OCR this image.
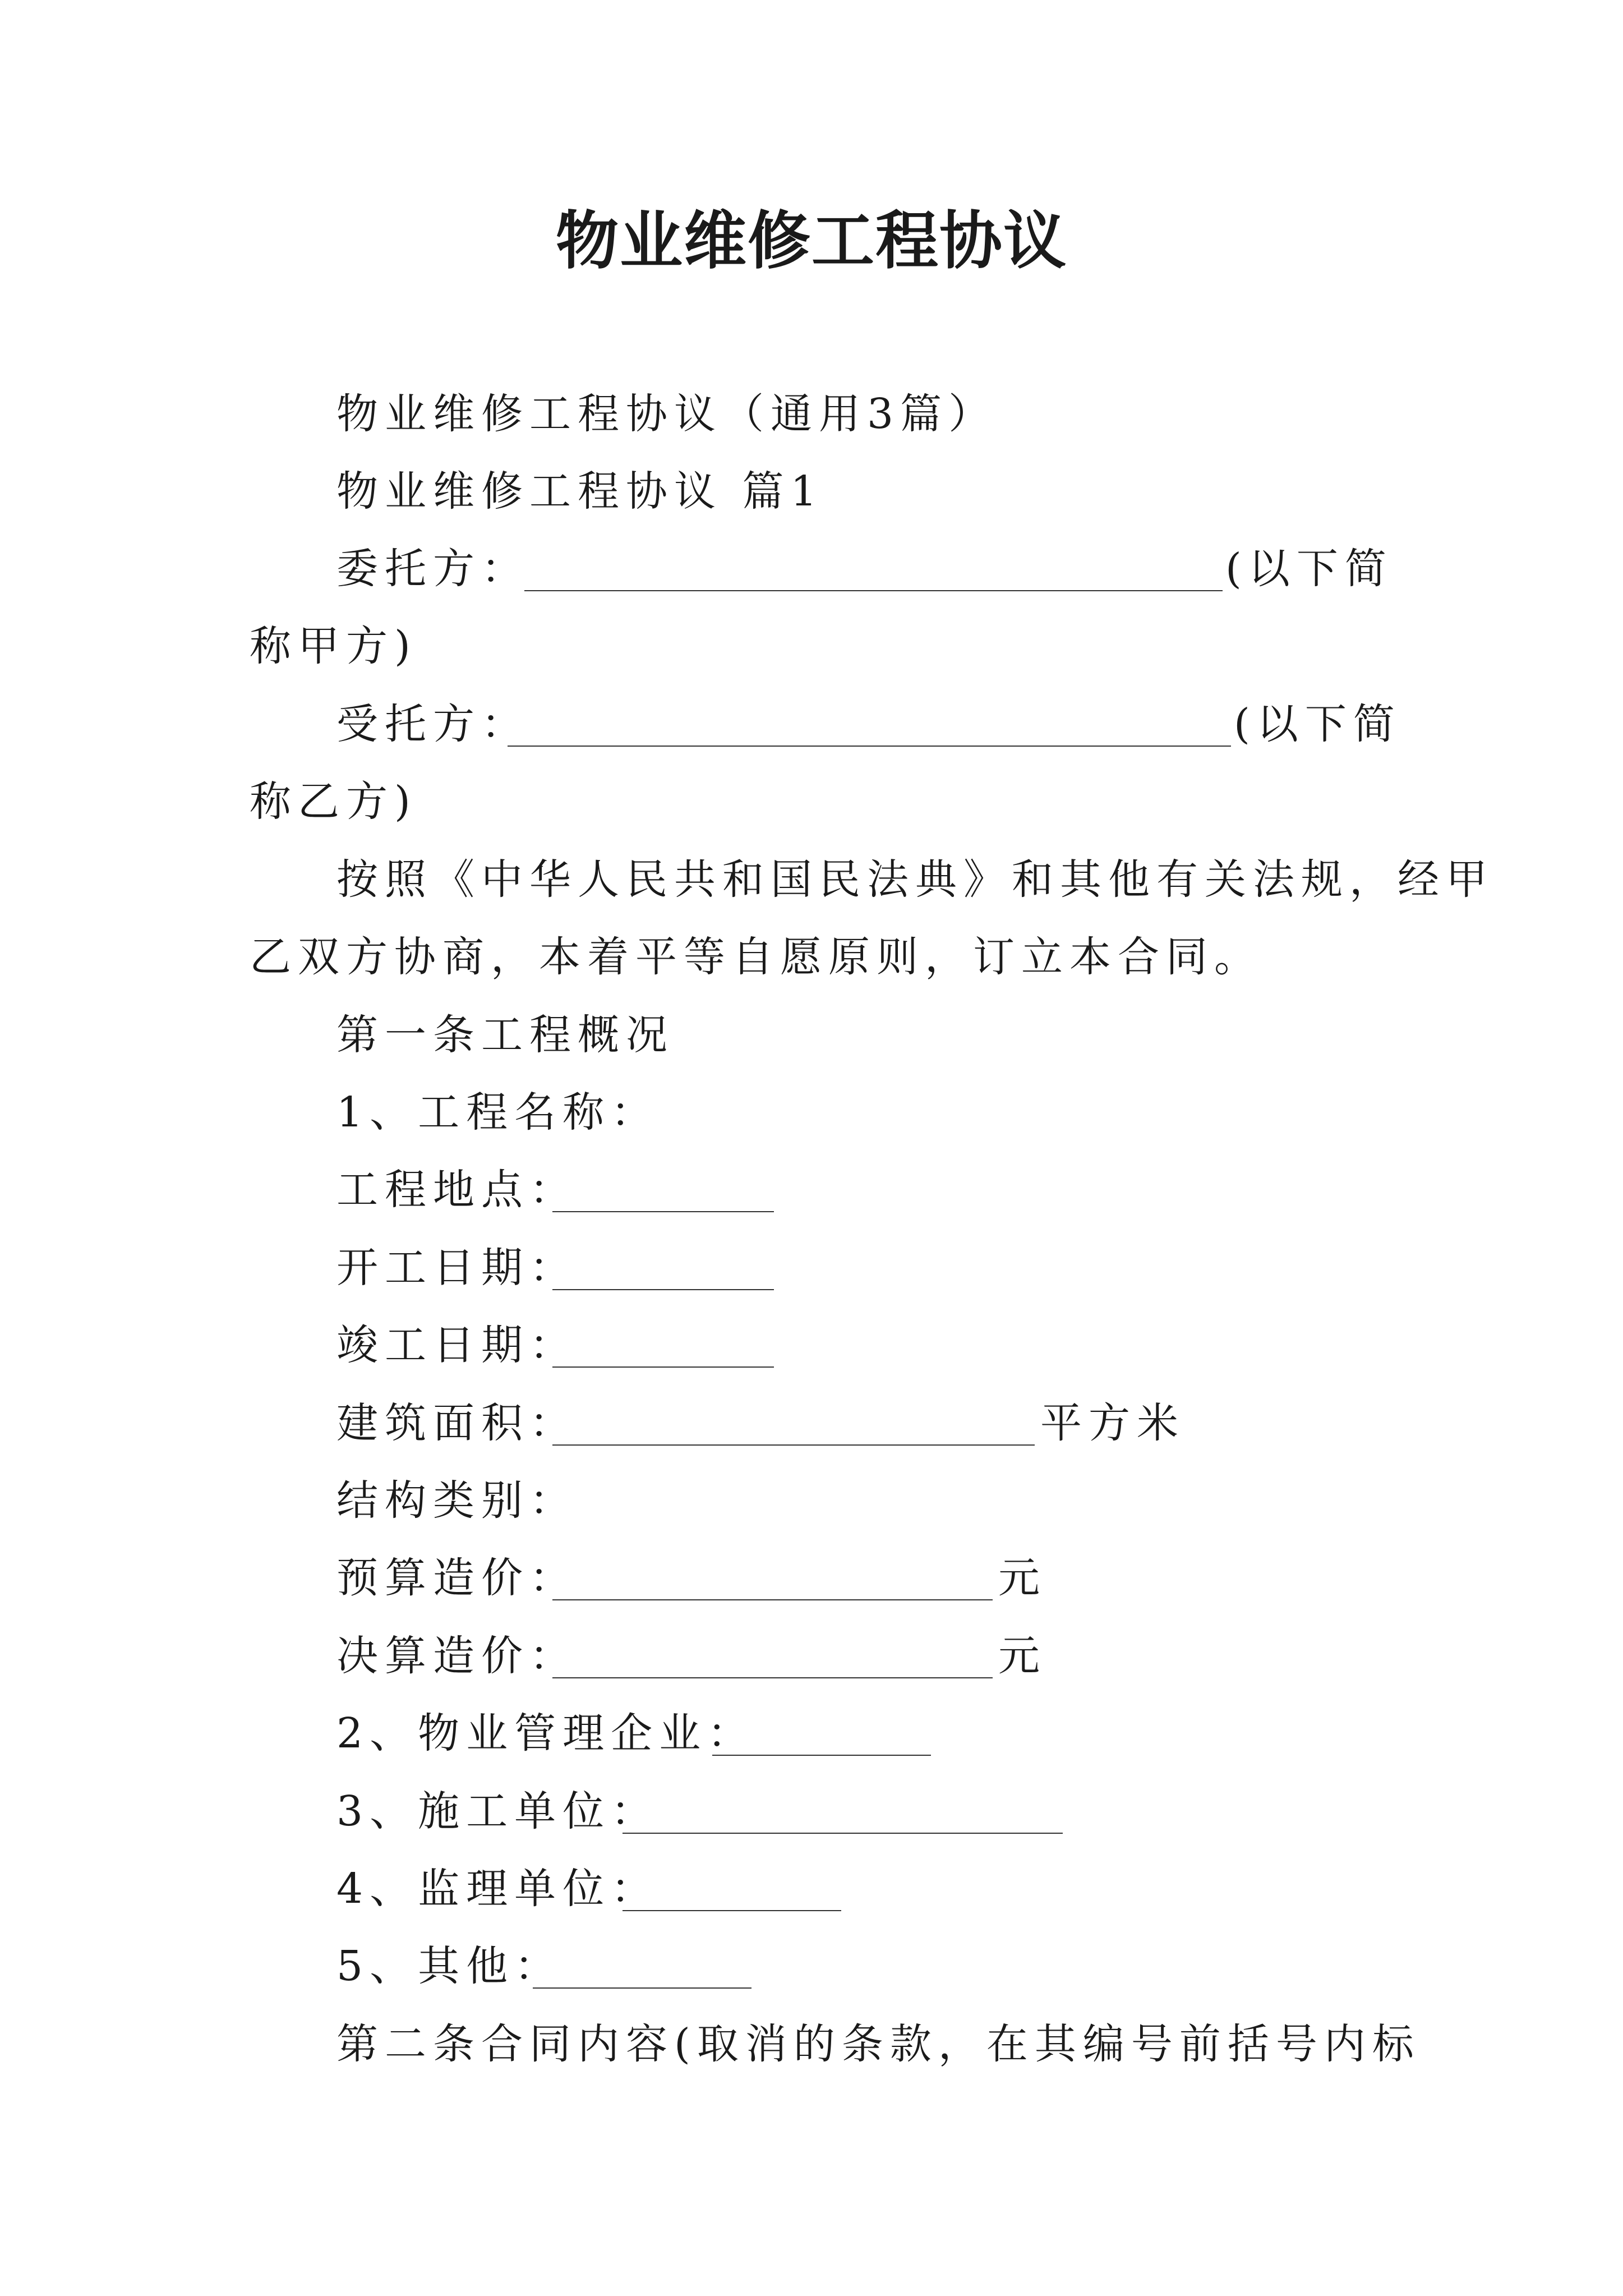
物业维修工程协议
物业维修工程协议（通用3篇）
物业维修工程协议 篇1
委托方：	(以下简
称甲方)
受托方：	(以下简
称乙方)
按照《中华人民共和国民法典》和其他有关法规，经甲
乙双方协商，本着平等自愿原则，订立本合同。
第一条工程概况
1、工程名称：
工程地点：
开工日期：
竣工日期：
建筑面积：	平方米
结构类别：
预算造价：	元
决算造价：	元
2、物业管理企业：
3、施工单位：
4、监理单位：
5、其他：
第二条合同内容(取消的条款，在其编号前括号内标
